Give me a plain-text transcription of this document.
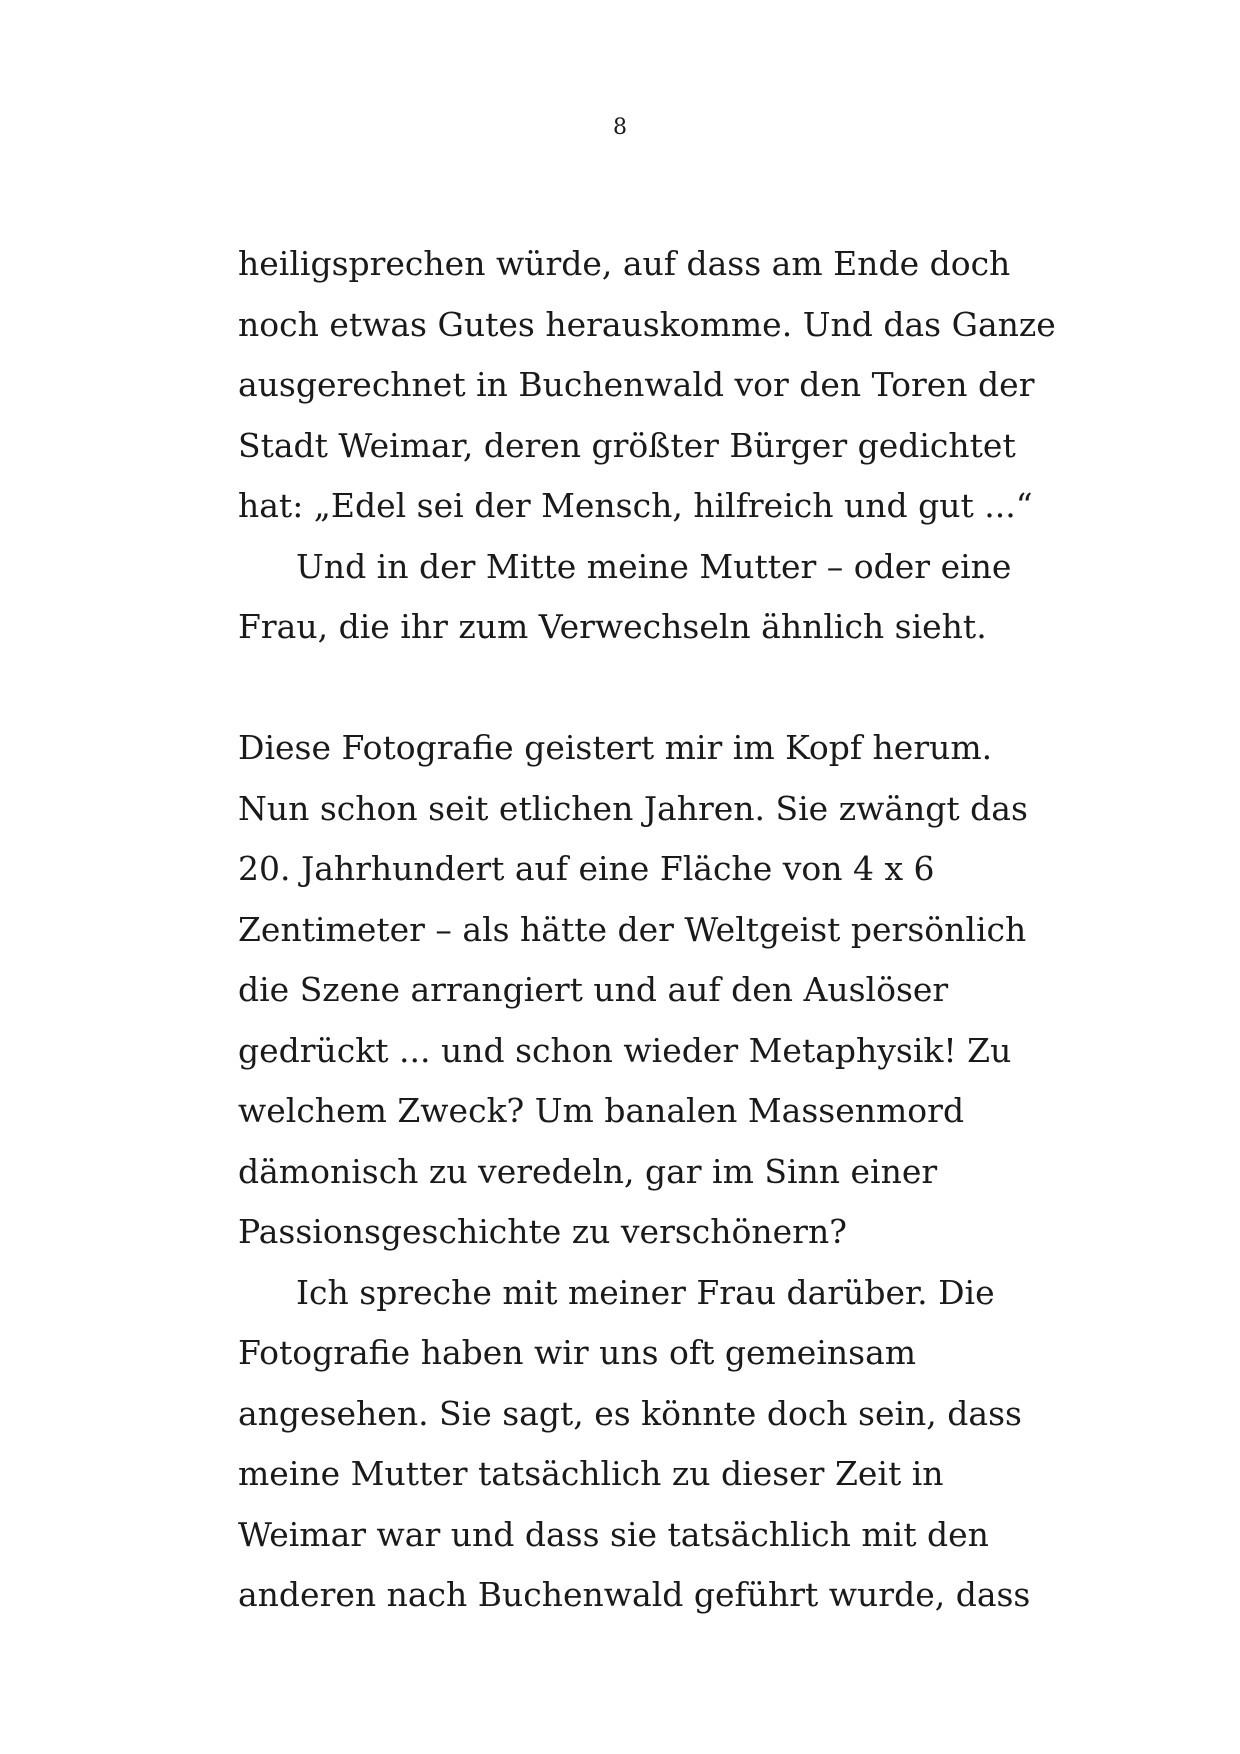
8
heiligsprechen würde, auf dass am Ende doch
noch etwas Gutes herauskomme. Und das Ganze
ausgerechnet in Buchenwald vor den Toren der
Stadt Weimar, deren größter Bürger gedichtet
hat: „Edel sei der Mensch, hilfreich und gut ...“
Und in der Mitte meine Mutter – oder eine
Frau, die ihr zum Verwechseln ähnlich sieht.
Diese Fotografie geistert mir im Kopf herum.
Nun schon seit etlichen Jahren. Sie zwängt das
20. Jahrhundert auf eine Fläche von 4 x 6
Zentimeter – als hätte der Weltgeist persönlich
die Szene arrangiert und auf den Auslöser
gedrückt ... und schon wieder Metaphysik! Zu
welchem Zweck? Um banalen Massenmord
dämonisch zu veredeln, gar im Sinn einer
Passionsgeschichte zu verschönern?
Ich spreche mit meiner Frau darüber. Die
Fotografie haben wir uns oft gemeinsam
angesehen. Sie sagt, es könnte doch sein, dass
meine Mutter tatsächlich zu dieser Zeit in
Weimar war und dass sie tatsächlich mit den
anderen nach Buchenwald geführt wurde, dass
